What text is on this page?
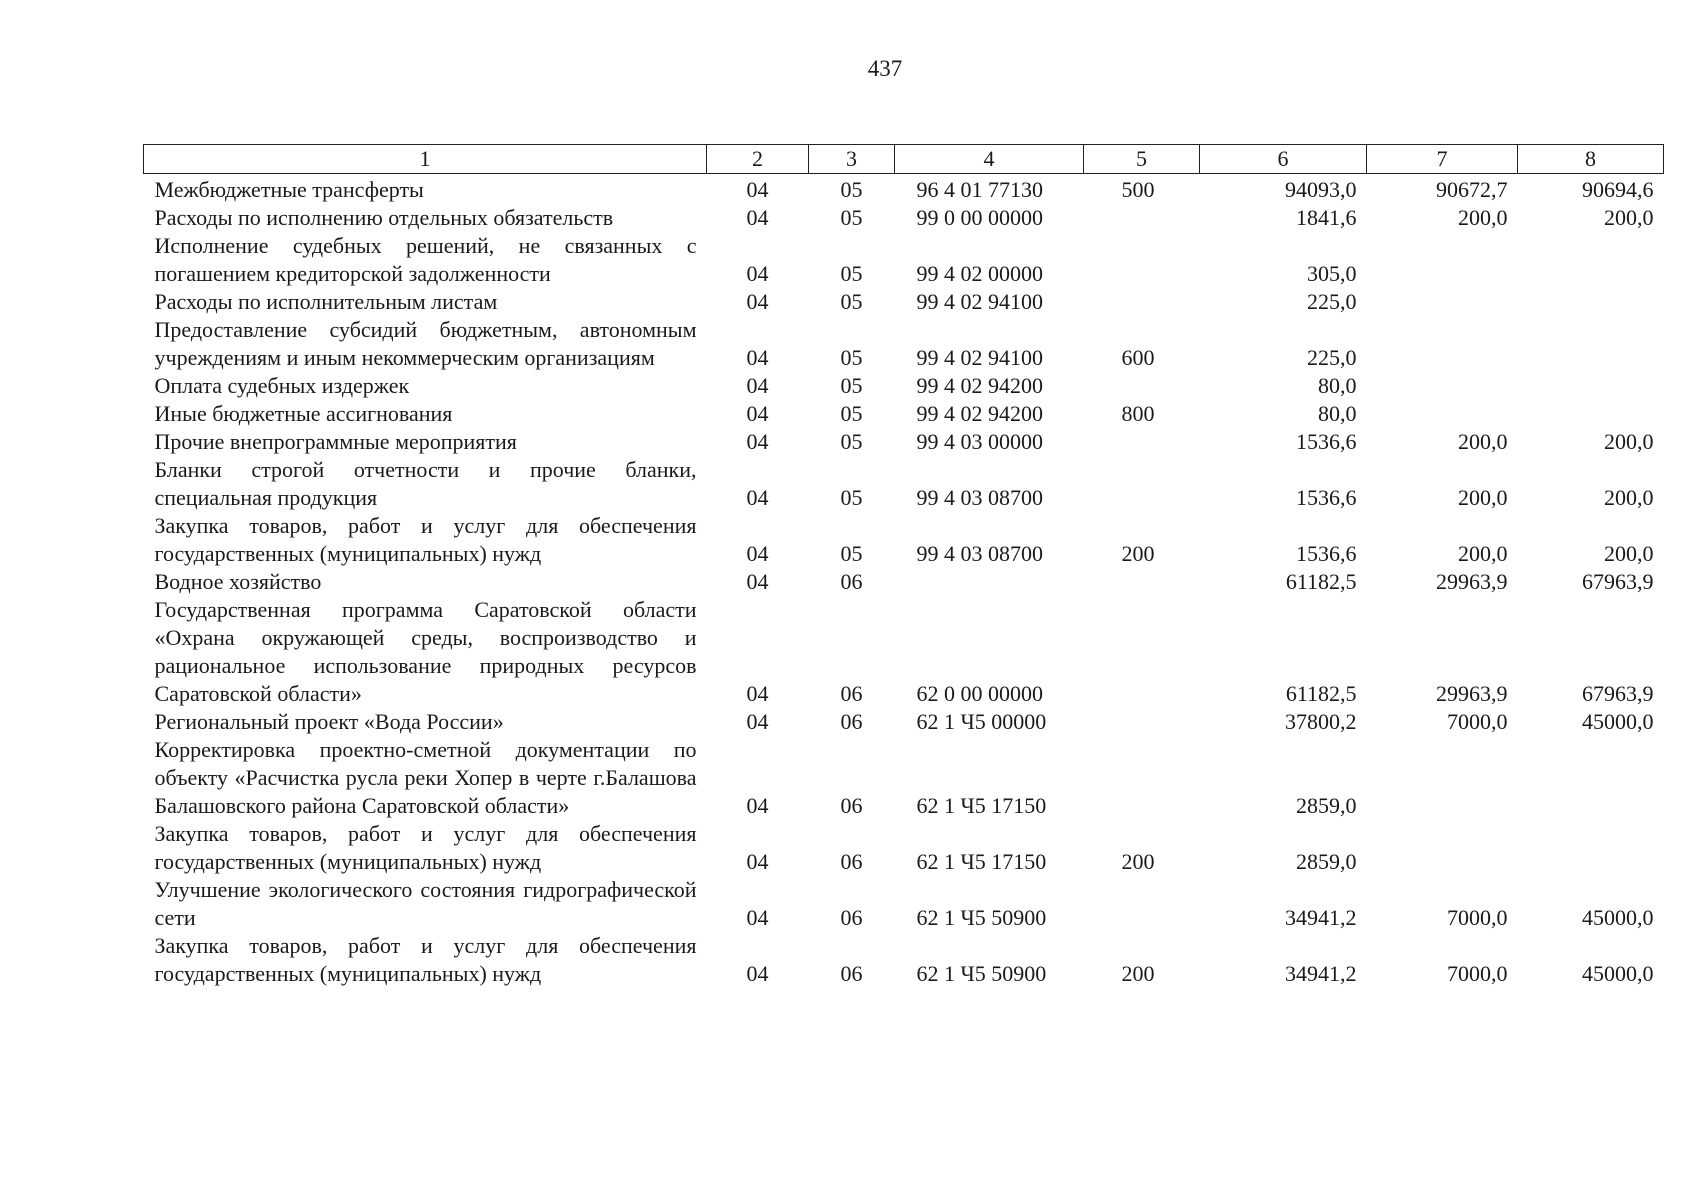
437
1	2	3	4	5	6	7	8
Межбюджетные трансферты	04	05	96 4 01 77130	500	94093,0	90672,7	90694,6
Расходы по исполнению отдельных обязательств	04	05	99 0 00 00000		1841,6	200,0	200,0
Исполнение судебных решений, не связанных с погашением кредиторской задолженности	04	05	99 4 02 00000		305,0		
Расходы по исполнительным листам	04	05	99 4 02 94100		225,0		
Предоставление субсидий бюджетным, автономным учреждениям и иным некоммерческим организациям	04	05	99 4 02 94100	600	225,0		
Оплата судебных издержек	04	05	99 4 02 94200		80,0		
Иные бюджетные ассигнования	04	05	99 4 02 94200	800	80,0		
Прочие внепрограммные мероприятия	04	05	99 4 03 00000		1536,6	200,0	200,0
Бланки строгой отчетности и прочие бланки, специальная продукция	04	05	99 4 03 08700		1536,6	200,0	200,0
Закупка товаров, работ и услуг для обеспечения государственных (муниципальных) нужд	04	05	99 4 03 08700	200	1536,6	200,0	200,0
Водное хозяйство	04	06			61182,5	29963,9	67963,9
Государственная программа Саратовской области «Охрана окружающей среды, воспроизводство и рациональное использование природных ресурсов Саратовской области»	04	06	62 0 00 00000		61182,5	29963,9	67963,9
Региональный проект «Вода России»	04	06	62 1 Ч5 00000		37800,2	7000,0	45000,0
Корректировка проектно-сметной документации по объекту «Расчистка русла реки Хопер в черте г.Балашова Балашовского района Саратовской области»	04	06	62 1 Ч5 17150		2859,0		
Закупка товаров, работ и услуг для обеспечения государственных (муниципальных) нужд	04	06	62 1 Ч5 17150	200	2859,0		
Улучшение экологического состояния гидрографической сети	04	06	62 1 Ч5 50900		34941,2	7000,0	45000,0
Закупка товаров, работ и услуг для обеспечения государственных (муниципальных) нужд	04	06	62 1 Ч5 50900	200	34941,2	7000,0	45000,0
